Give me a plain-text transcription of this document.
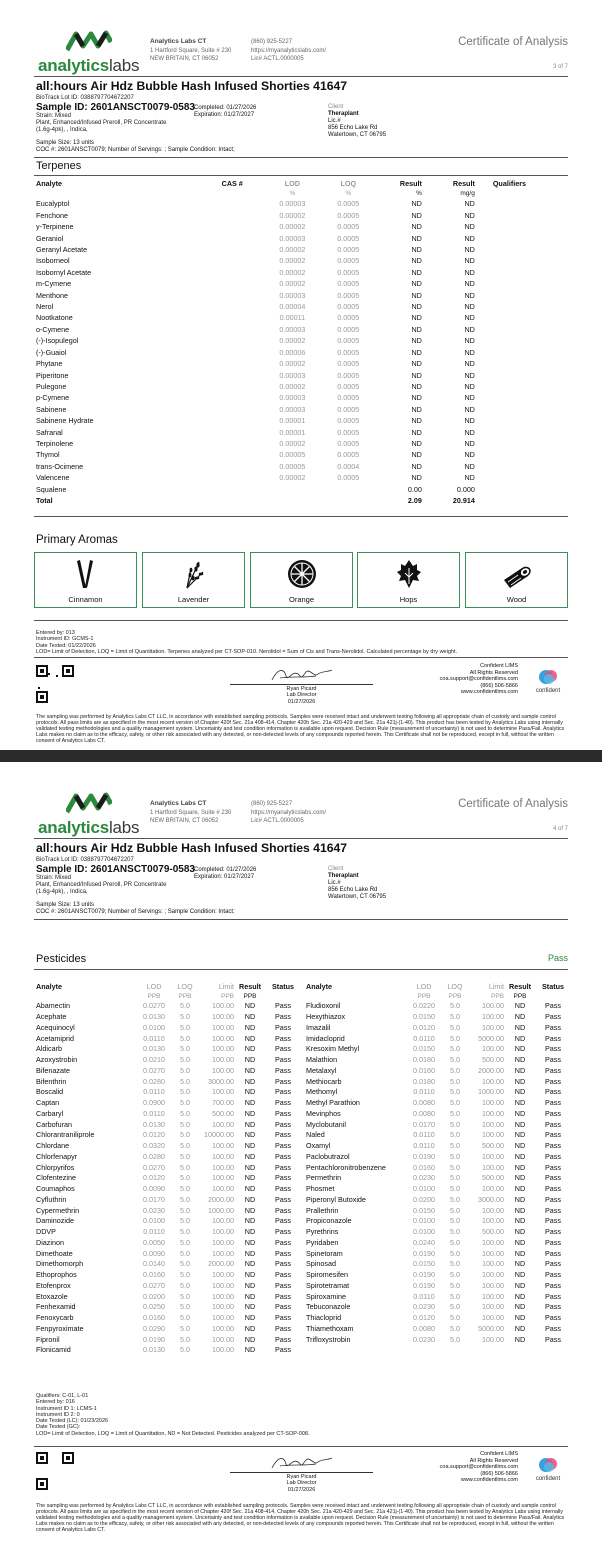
analyticslabs
Analytics Labs CT
1 Hartford Square, Suite # 230
NEW BRITAIN, CT 06052
(860) 925-5227
https://myanalyticslabs.com/
Lic# ACTL.0000005
Certificate of Analysis
3 of 7
all:hours Air Hdz Bubble Hash Infused Shorties 41647
BioTrack Lot ID: 0388797704672207
Sample ID: 2601ANSCT0079-0583
Strain: Mixed
Plant, Enhanced/Infused Preroll, PR Concentrate
(1.6g-4pk), , Indica,
Completed: 01/27/2026
Expiration: 01/27/2027
Client
Theraplant
Lic.#
856 Echo Lake Rd
Watertown, CT 06795
Sample Size: 13 units
COC #: 2601ANSCT0079; Number of Servings: ; Sample Condition: Intact;
Terpenes
Analyte	CAS #	LOD	LOQ	Result	Result	Qualifiers
		%	%	%	mg/g	
Eucalyptol		0.00003	0.0005	ND	ND	
Fenchone		0.00002	0.0005	ND	ND	
y-Terpinene		0.00002	0.0005	ND	ND	
Geraniol		0.00003	0.0005	ND	ND	
Geranyl Acetate		0.00002	0.0005	ND	ND	
Isoborneol		0.00002	0.0005	ND	ND	
Isobornyl Acetate		0.00002	0.0005	ND	ND	
m-Cymene		0.00002	0.0005	ND	ND	
Menthone		0.00003	0.0005	ND	ND	
Nerol		0.00004	0.0005	ND	ND	
Nootkatone		0.00011	0.0005	ND	ND	
o-Cymene		0.00003	0.0005	ND	ND	
(-)-Isopulegol		0.00002	0.0005	ND	ND	
(-)-Guaiol		0.00006	0.0005	ND	ND	
Phytane		0.00002	0.0005	ND	ND	
Piperitone		0.00003	0.0005	ND	ND	
Pulegone		0.00002	0.0005	ND	ND	
p-Cymene		0.00003	0.0005	ND	ND	
Sabinene		0.00003	0.0005	ND	ND	
Sabinene Hydrate		0.00001	0.0005	ND	ND	
Safranal		0.00001	0.0005	ND	ND	
Terpinolene		0.00002	0.0005	ND	ND	
Thymol		0.00005	0.0005	ND	ND	
trans-Ocimene		0.00005	0.0004	ND	ND	
Valencene		0.00002	0.0005	ND	ND	
Squalene				0.00	0.000	
Total				2.09	20.914	
Primary Aromas
Cinnamon	Lavender	Orange	Hops	Wood
Entered by: 013
Instrument ID: GCMS-1
Date Tested: 01/22/2026
LOD= Limit of Detection, LOQ = Limit of Quantitation. Terpenes analyzed per CT-SOP-010. Nerolidol = Sum of Cis and Trans-Nerolidol. Calculated percentage by dry weight.
Ryan Picard
Lab Director
01/27/2026
Confident LIMS
All Rights Reserved
coa.support@confidentlims.com
(866) 506-5866
www.confidentlims.com	confident
The sampling was performed by Analytics Labs CT LLC, in accordance with established sampling protocols. Samples were received intact and underwent testing following all appropriate chain of custody and sample control protocols. All pass limits are as specified in the most recent version of Chapter 420f Sec. 21a 408-414, Chapter 420h Sec. 21a 420-429 and Sec. 21a 421j-(1-40). This product has been tested by Analytics Labs using internally validated testing methodologies and a quality management system. Uncertainty and test condition information is available upon request. Decision Rule (measurement of uncertainty) is not used to determine Pass/Fail. Analytics Labs makes no claim as to the efficacy, safety, or other risk associated with any detected, or non-detected levels of any compounds reported herein. This Certificate shall not be reproduced, except in full, without the written consent of Analytics Labs CT.
analyticslabs
Analytics Labs CT
1 Hartford Square, Suite # 230
NEW BRITAIN, CT 06052
(860) 925-5227
https://myanalyticslabs.com/
Lic# ACTL.0000005
Certificate of Analysis
4 of 7
all:hours Air Hdz Bubble Hash Infused Shorties 41647
BioTrack Lot ID: 0388797704672207
Sample ID: 2601ANSCT0079-0583
Strain: Mixed
Plant, Enhanced/Infused Preroll, PR Concentrate
(1.6g-4pk), , Indica,
Completed: 01/27/2026
Expiration: 01/27/2027
Client
Theraplant
Lic.#
856 Echo Lake Rd
Watertown, CT 06795
Sample Size: 13 units
COC #: 2601ANSCT0079; Number of Servings: ; Sample Condition: Intact;
Pesticides	Pass
Analyte	LOD	LOQ	Limit	Result	Status
	PPB	PPB	PPB	PPB	
Abamectin	0.0270	5.0	100.00	ND	Pass
Acephate	0.0130	5.0	100.00	ND	Pass
Acequinocyl	0.0100	5.0	100.00	ND	Pass
Acetamiprid	0.0110	5.0	100.00	ND	Pass
Aldicarb	0.0130	5.0	100.00	ND	Pass
Azoxystrobin	0.0210	5.0	100.00	ND	Pass
Bifenazate	0.0270	5.0	100.00	ND	Pass
Bifenthrin	0.0280	5.0	3000.00	ND	Pass
Boscalid	0.0110	5.0	100.00	ND	Pass
Captan	0.0900	5.0	700.00	ND	Pass
Carbaryl	0.0110	5.0	500.00	ND	Pass
Carbofuran	0.0130	5.0	100.00	ND	Pass
Chlorantraniliprole	0.0120	5.0	10000.00	ND	Pass
Chlordane	0.0320	5.0	100.00	ND	Pass
Chlorfenapyr	0.0280	5.0	100.00	ND	Pass
Chlorpyrifos	0.0270	5.0	100.00	ND	Pass
Clofentezine	0.0120	5.0	100.00	ND	Pass
Coumaphos	0.0090	5.0	100.00	ND	Pass
Cyfluthrin	0.0170	5.0	2000.00	ND	Pass
Cypermethrin	0.0230	5.0	1000.00	ND	Pass
Daminozide	0.0100	5.0	100.00	ND	Pass
DDVP	0.0110	5.0	100.00	ND	Pass
Diazinon	0.0050	5.0	100.00	ND	Pass
Dimethoate	0.0090	5.0	100.00	ND	Pass
Dimethomorph	0.0140	5.0	2000.00	ND	Pass
Ethoprophos	0.0160	5.0	100.00	ND	Pass
Etofenprox	0.0270	5.0	100.00	ND	Pass
Etoxazole	0.0200	5.0	100.00	ND	Pass
Fenhexamid	0.0250	5.0	100.00	ND	Pass
Fenoxycarb	0.0160	5.0	100.00	ND	Pass
Fenpyroximate	0.0290	5.0	100.00	ND	Pass
Fipronil	0.0190	5.0	100.00	ND	Pass
Flonicamid	0.0130	5.0	100.00	ND	Pass
Analyte	LOD	LOQ	Limit	Result	Status
	PPB	PPB	PPB	PPB	
Fludioxonil	0.0220	5.0	100.00	ND	Pass
Hexythiazox	0.0150	5.0	100.00	ND	Pass
Imazalil	0.0120	5.0	100.00	ND	Pass
Imidacloprid	0.0110	5.0	5000.00	ND	Pass
Kresoxim Methyl	0.0150	5.0	100.00	ND	Pass
Malathion	0.0180	5.0	500.00	ND	Pass
Metalaxyl	0.0160	5.0	2000.00	ND	Pass
Methiocarb	0.0180	5.0	100.00	ND	Pass
Methomyl	0.0110	5.0	1000.00	ND	Pass
Methyl Parathion	0.0080	5.0	100.00	ND	Pass
Mevinphos	0.0080	5.0	100.00	ND	Pass
Myclobutanil	0.0170	5.0	100.00	ND	Pass
Naled	0.0110	5.0	100.00	ND	Pass
Oxamyl	0.0110	5.0	500.00	ND	Pass
Paclobutrazol	0.0190	5.0	100.00	ND	Pass
Pentachloronitrobenzene	0.0160	5.0	100.00	ND	Pass
Permethrin	0.0230	5.0	500.00	ND	Pass
Phosmet	0.0100	5.0	100.00	ND	Pass
Piperonyl Butoxide	0.0200	5.0	3000.00	ND	Pass
Prallethrin	0.0150	5.0	100.00	ND	Pass
Propiconazole	0.0100	5.0	100.00	ND	Pass
Pyrethrins	0.0100	5.0	500.00	ND	Pass
Pyridaben	0.0240	5.0	100.00	ND	Pass
Spinetoram	0.0190	5.0	100.00	ND	Pass
Spinosad	0.0150	5.0	100.00	ND	Pass
Spiromesifen	0.0190	5.0	100.00	ND	Pass
Spirotetramat	0.0190	5.0	100.00	ND	Pass
Spiroxamine	0.0110	5.0	100.00	ND	Pass
Tebuconazole	0.0230	5.0	100.00	ND	Pass
Thiacloprid	0.0120	5.0	100.00	ND	Pass
Thiamethoxam	0.0080	5.0	5000.00	ND	Pass
Trifloxystrobin	0.0230	5.0	100.00	ND	Pass
Qualifiers: C-01, L-01
Entered by: 016
Instrument ID 1: LCMS-1
Instrument ID 2: 0
Date Tested (LC): 01/23/2026
Date Tested (GC):
LOD= Limit of Detection, LOQ = Limit of Quantitation, ND = Not Detected. Pesticides analyzed per CT-SOP-008.
Ryan Picard
Lab Director
01/27/2026
Confident LIMS
All Rights Reserved
coa.support@confidentlims.com
(866) 506-5866
www.confidentlims.com	confident
The sampling was performed by Analytics Labs CT LLC, in accordance with established sampling protocols. Samples were received intact and underwent testing following all appropriate chain of custody and sample control protocols. All pass limits are as specified in the most recent version of Chapter 420f Sec. 21a 408-414, Chapter 420h Sec. 21a 420-429 and Sec. 21a 421j-(1-40). This product has been tested by Analytics Labs using internally validated testing methodologies and a quality management system. Uncertainty and test condition information is available upon request. Decision Rule (measurement of uncertainty) is not used to determine Pass/Fail. Analytics Labs makes no claim as to the efficacy, safety, or other risk associated with any detected, or non-detected levels of any compounds reported herein. This Certificate shall not be reproduced, except in full, without the written consent of Analytics Labs CT.
